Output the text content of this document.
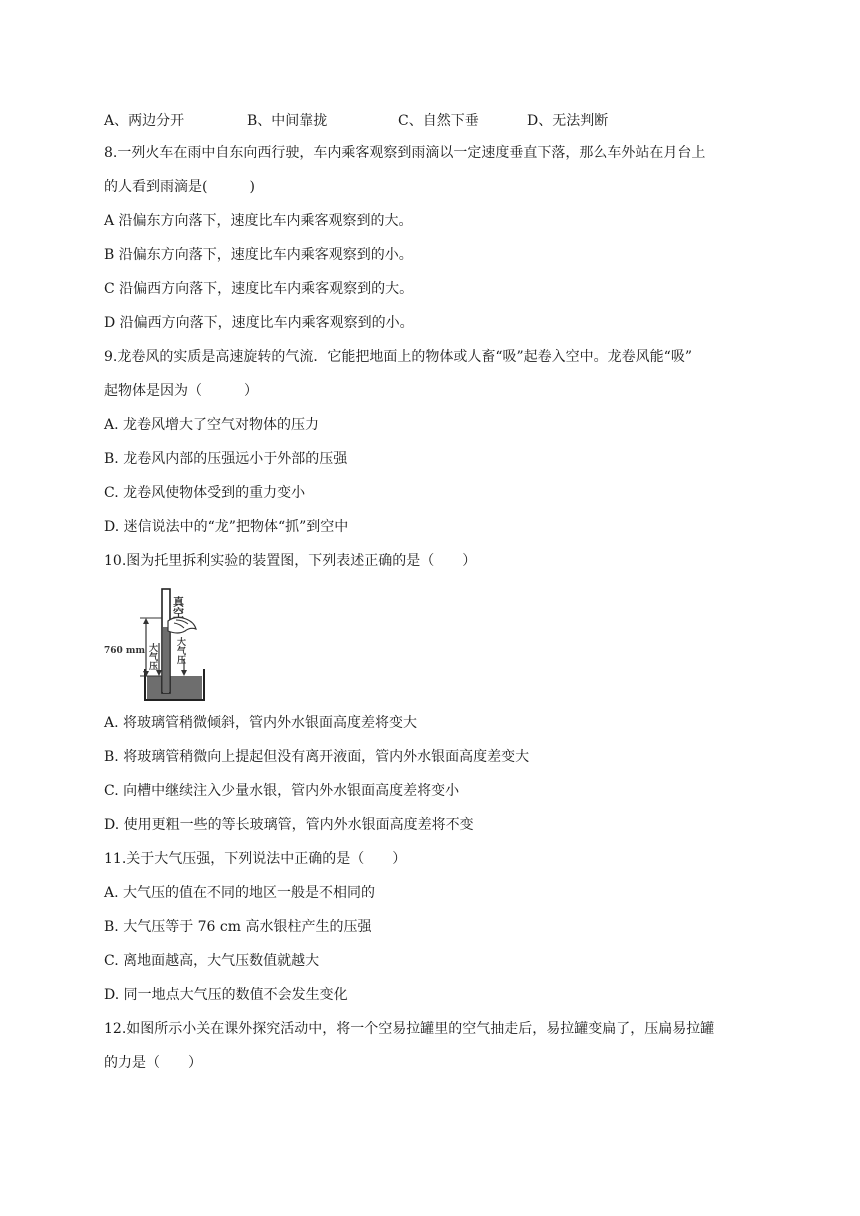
A、两边分开	B、中间靠拢	C、自然下垂	D、无法判断
8.一列火车在雨中自东向西行驶，车内乘客观察到雨滴以一定速度垂直下落，那么车外站在月台上
的人看到雨滴是(　　　)
A 沿偏东方向落下，速度比车内乘客观察到的大。
B 沿偏东方向落下，速度比车内乘客观察到的小。
C 沿偏西方向落下，速度比车内乘客观察到的大。
D 沿偏西方向落下，速度比车内乘客观察到的小。
9.龙卷风的实质是高速旋转的气流．它能把地面上的物体或人畜“吸”起卷入空中。龙卷风能“吸”
起物体是因为（　　　）
A. 龙卷风增大了空气对物体的压力
B. 龙卷风内部的压强远小于外部的压强
C. 龙卷风使物体受到的重力变小
D. 迷信说法中的“龙”把物体“抓”到空中
10.图为托里拆利实验的装置图，下列表述正确的是（　　）
真空
760 mm 大气压 大气压
A. 将玻璃管稍微倾斜，管内外水银面高度差将变大
B. 将玻璃管稍微向上提起但没有离开液面，管内外水银面高度差变大
C. 向槽中继续注入少量水银，管内外水银面高度差将变小
D. 使用更粗一些的等长玻璃管，管内外水银面高度差将不变
11.关于大气压强，下列说法中正确的是（　　）
A. 大气压的值在不同的地区一般是不相同的
B. 大气压等于 76 cm 高水银柱产生的压强
C. 离地面越高，大气压数值就越大
D. 同一地点大气压的数值不会发生变化
12.如图所示小关在课外探究活动中，将一个空易拉罐里的空气抽走后，易拉罐变扁了，压扁易拉罐
的力是（　　）
